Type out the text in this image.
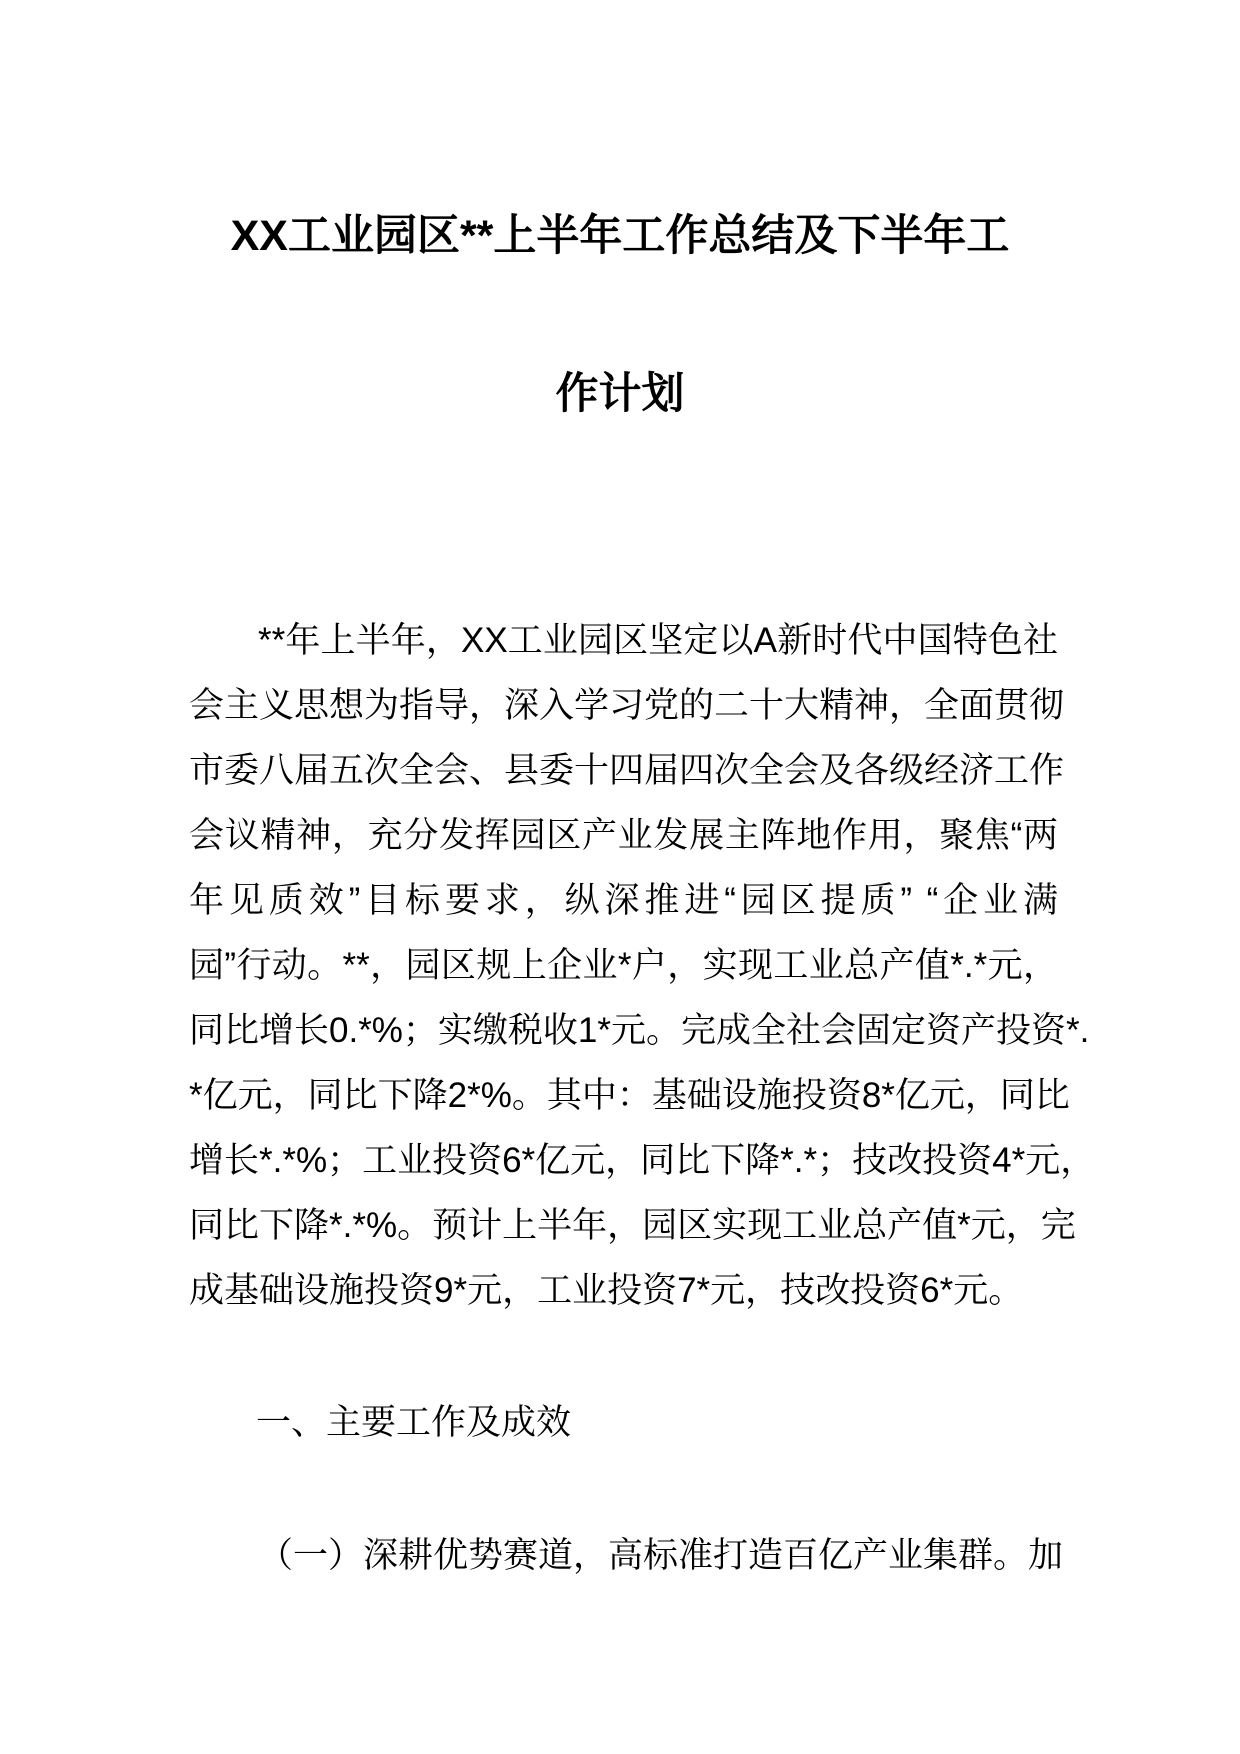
XX工业园区**上半年工作总结及下半年工
作计划
**年上半年，XX工业园区坚定以A新时代中国特色社
会主义思想为指导，深入学习党的二十大精神，全面贯彻
市委八届五次全会、县委十四届四次全会及各级经济工作
会议精神，充分发挥园区产业发展主阵地作用，聚焦“两
年见质效”目标要求，纵深推进“园区提质” “企业满
园”行动。**，园区规上企业*户，实现工业总产值*.*元，
同比增长0.*%；实缴税收1*元。完成全社会固定资产投资*.
*亿元，同比下降2*%。其中：基础设施投资8*亿元，同比
增长*.*%；工业投资6*亿元，同比下降*.*；技改投资4*元，
同比下降*.*%。预计上半年，园区实现工业总产值*元，完
成基础设施投资9*元，工业投资7*元，技改投资6*元。
一、主要工作及成效
（一）深耕优势赛道，高标准打造百亿产业集群。加
